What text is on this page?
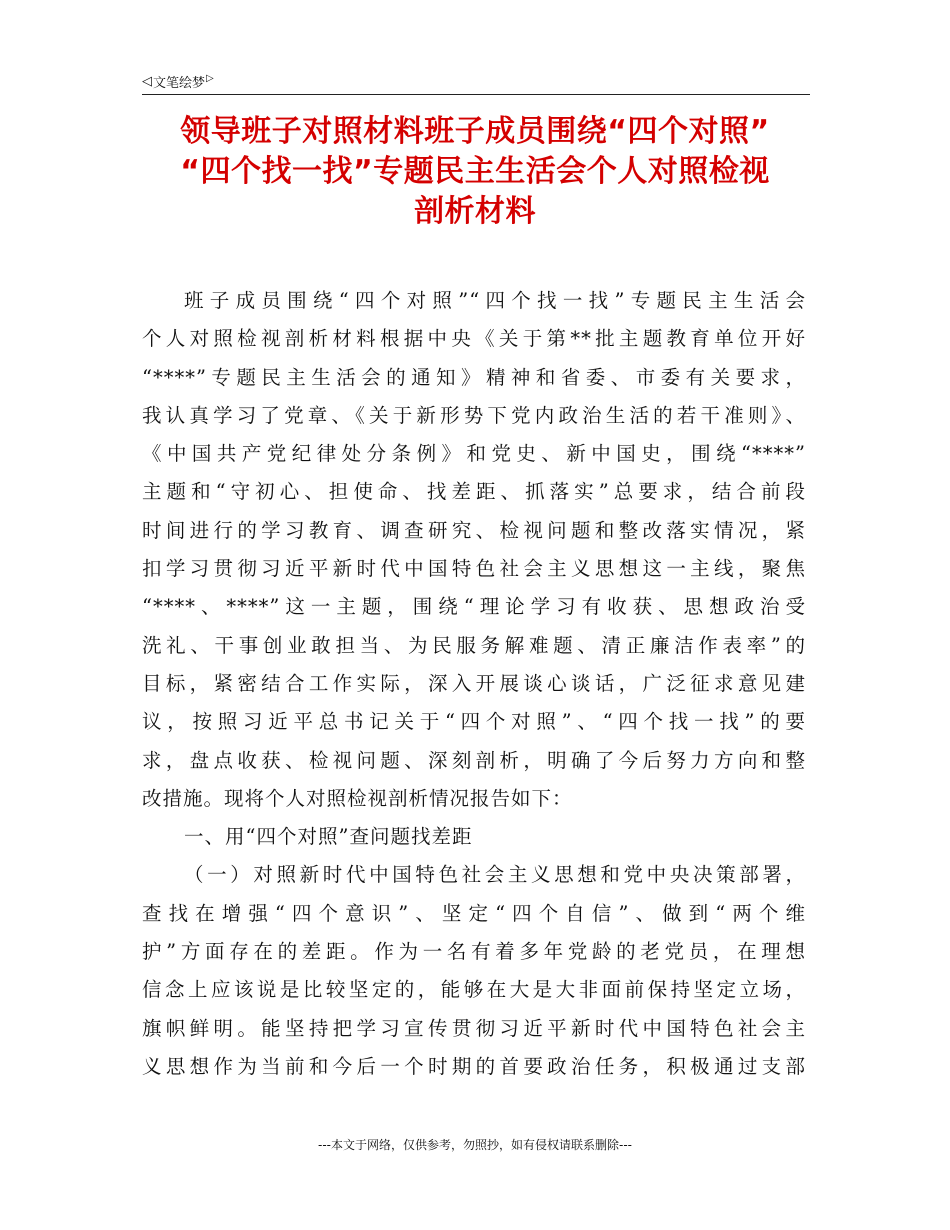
◁ 文笔绘梦 ▷
领导班子对照材料班子成员围绕“四个对照”
“四个找一找”专题民主生活会个人对照检视
剖析材料
班子成员围绕“四个对照”“四个找一找”专题民主生活会
个人对照检视剖析材料根据中央《关于第**批主题教育单位开好
“****”专题民主生活会的通知》精神和省委、市委有关要求，
我认真学习了党章、《关于新形势下党内政治生活的若干准则》、
《中国共产党纪律处分条例》和党史、新中国史，围绕“****”
主题和“守初心、担使命、找差距、抓落实”总要求，结合前段
时间进行的学习教育、调查研究、检视问题和整改落实情况，紧
扣学习贯彻习近平新时代中国特色社会主义思想这一主线，聚焦
“****、****”这一主题，围绕“理论学习有收获、思想政治受
洗礼、干事创业敢担当、为民服务解难题、清正廉洁作表率”的
目标，紧密结合工作实际，深入开展谈心谈话，广泛征求意见建
议，按照习近平总书记关于“四个对照”、“四个找一找”的要
求，盘点收获、检视问题、深刻剖析，明确了今后努力方向和整
改措施。现将个人对照检视剖析情况报告如下：
一、用“四个对照”查问题找差距
（一）对照新时代中国特色社会主义思想和党中央决策部署，
查找在增强“四个意识”、坚定“四个自信”、做到“两个维
护”方面存在的差距。作为一名有着多年党龄的老党员，在理想
信念上应该说是比较坚定的，能够在大是大非面前保持坚定立场，
旗帜鲜明。能坚持把学习宣传贯彻习近平新时代中国特色社会主
义思想作为当前和今后一个时期的首要政治任务，积极通过支部
---本文于网络，仅供参考，勿照抄，如有侵权请联系删除---
